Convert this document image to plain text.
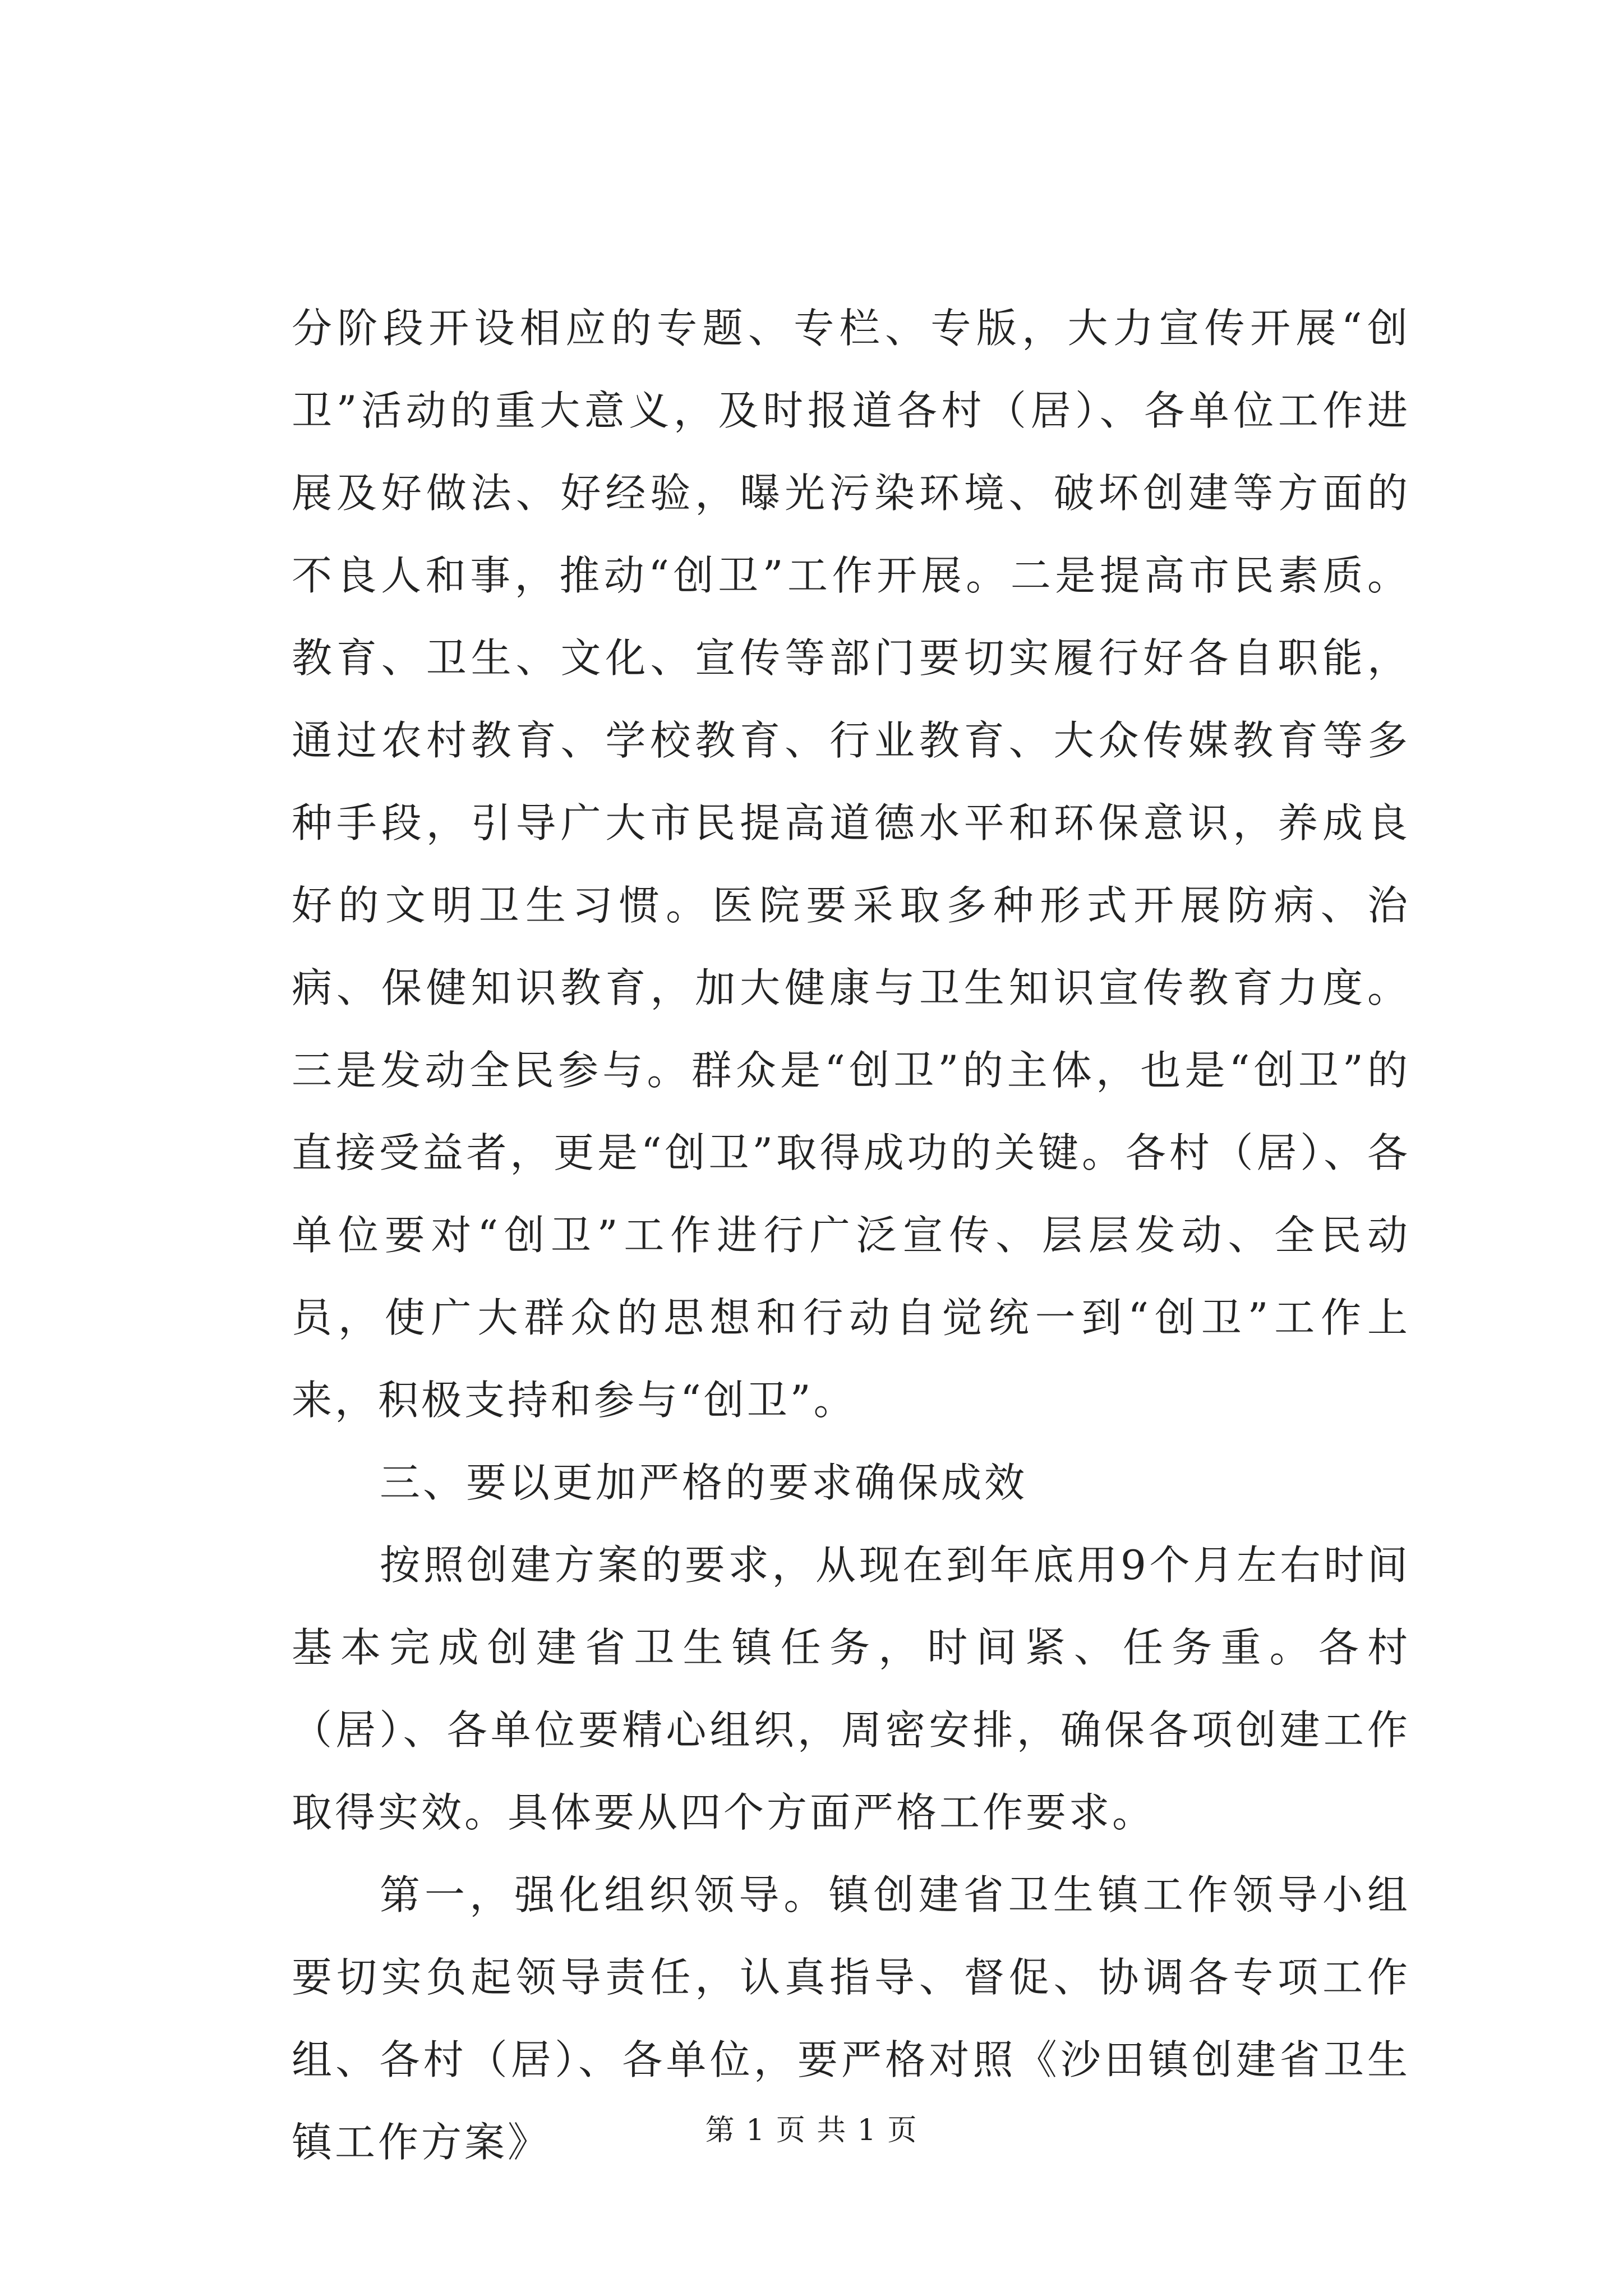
分阶段开设相应的专题、专栏、专版，大力宣传开展“创卫”活动的重大意义，及时报道各村（居）、各单位工作进展及好做法、好经验，曝光污染环境、破坏创建等方面的不良人和事，推动“创卫”工作开展。二是提高市民素质。教育、卫生、文化、宣传等部门要切实履行好各自职能，通过农村教育、学校教育、行业教育、大众传媒教育等多种手段，引导广大市民提高道德水平和环保意识，养成良好的文明卫生习惯。医院要采取多种形式开展防病、治病、保健知识教育，加大健康与卫生知识宣传教育力度。三是发动全民参与。群众是“创卫”的主体，也是“创卫”的直接受益者，更是“创卫”取得成功的关键。各村（居）、各单位要对“创卫”工作进行广泛宣传、层层发动、全民动员，使广大群众的思想和行动自觉统一到“创卫”工作上来，积极支持和参与“创卫”。

三、要以更加严格的要求确保成效

按照创建方案的要求，从现在到年底用9个月左右时间基本完成创建省卫生镇任务，时间紧、任务重。各村（居）、各单位要精心组织，周密安排，确保各项创建工作取得实效。具体要从四个方面严格工作要求。

第一，强化组织领导。镇创建省卫生镇工作领导小组要切实负起领导责任，认真指导、督促、协调各专项工作组、各村（居）、各单位，要严格对照《沙田镇创建省卫生镇工作方案》	第 1 页 共 1 页
